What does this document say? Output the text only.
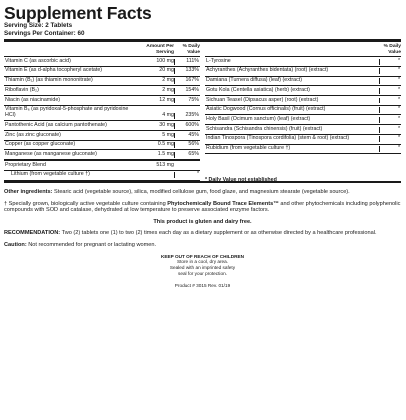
Supplement Facts
Serving Size: 2 Tablets
Servings Per Container: 60
Amount Per Serving
% Daily Value
Vitamin C (as ascorbic acid)	100 mg	111%
Vitamin E (as d-alpha tocopheryl acetate)	20 mg	133%
Thiamin (B₁) (as thiamin mononitrate)	2 mg	167%
Riboflavin (B₂)	2 mg	154%
Niacin (as niacinamide)	12 mg	75%
Vitamin B₆ (as pyridoxal-5-phosphate and pyridoxine HCl)	4 mg	235%
Pantothenic Acid (as calcium pantothenate)	30 mg	600%
Zinc (as zinc gluconate)	5 mg	45%
Copper (as copper gluconate)	0.5 mg	56%
Manganese (as manganese gluconate)	1.5 mg	65%
Proprietary Blend	513 mg
Lithium (from vegetable culture †)	*
% Daily Value
L-Tyrosine	*
Achyranthes (Achyranthes bidentata) (root) (extract)	*
Damiana (Turnera diffusa) (leaf) (extract)	*
Gotu Kola (Centella asiatica) (herb) (extract)	*
Sichuan Teasel (Dipsacus asper) (root) (extract)	*
Asiatic Dogwood (Cornus officinalis) (fruit) (extract)	*
Holy Basil (Ocimum sanctum) (leaf) (extract)	*
Schisandra (Schisandra chinensis) (fruit) (extract)	*
Indian Tinospora (Tinospora cordifolia) (stem & root) (extract)	*
Rubidium (from vegetable culture †)	*
* Daily Value not established
Other ingredients: Stearic acid (vegetable source), silica, modified cellulose gum, food glaze, and magnesium stearate (vegetable source).
† Specially grown, biologically active vegetable culture containing Phytochemically Bound Trace Elements™ and other phytochemicals including polyphenolic compounds with SOD and catalase, dehydrated at low temperature to preserve associated enzyme factors.
This product is gluten and dairy free.
RECOMMENDATION: Two (2) tablets one (1) to two (2) times each day as a dietary supplement or as otherwise directed by a healthcare professional.
Caution: Not recommended for pregnant or lactating women.
KEEP OUT OF REACH OF CHILDREN
Store in a cool, dry area.
Sealed with an imprinted safety
seal for your protection.
Product # 3015 Rev. 01/19
